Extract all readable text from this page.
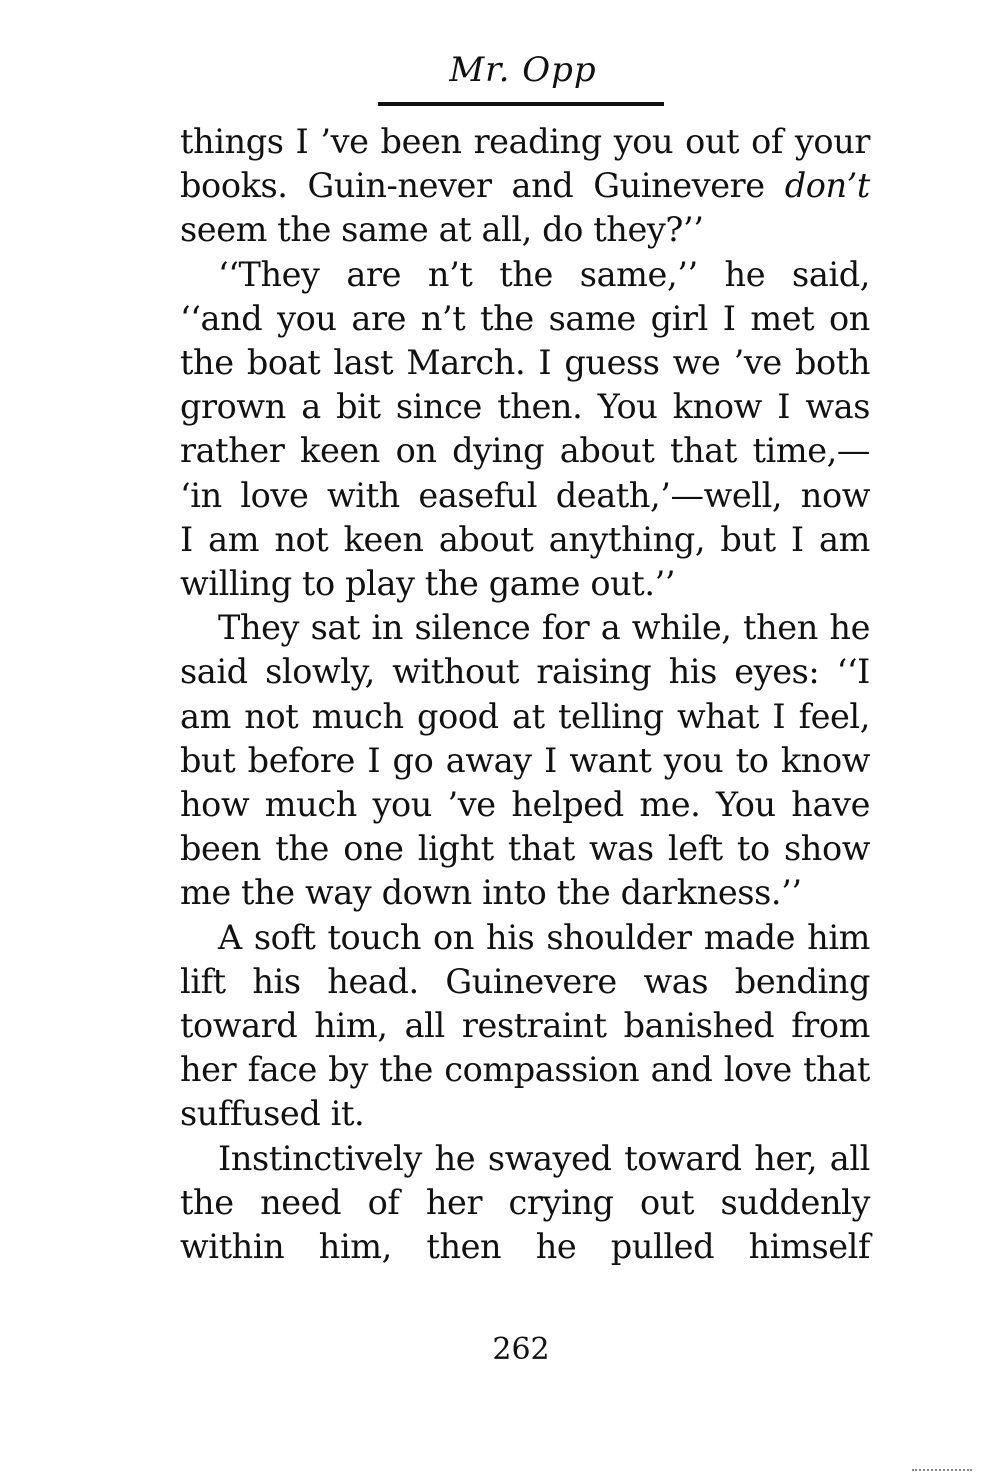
Mr. Opp

things I ’ve been reading you out of your
books. Guin-never and Guinevere don’t
seem the same at all, do they?’’

‘‘They are n’t the same,’’ he said,
‘‘and you are n’t the same girl I met on
the boat last March. I guess we ’ve both
grown a bit since then. You know I was
rather keen on dying about that time,—
‘in love with easeful death,’—well, now
I am not keen about anything, but I am
willing to play the game out.’’

They sat in silence for a while, then he
said slowly, without raising his eyes: ‘‘I
am not much good at telling what I feel,
but before I go away I want you to know
how much you ’ve helped me. You have
been the one light that was left to show
me the way down into the darkness.’’

A soft touch on his shoulder made him
lift his head. Guinevere was bending
toward him, all restraint banished from
her face by the compassion and love that
suffused it.

Instinctively he swayed toward her, all
the need of her crying out suddenly
within him, then he pulled himself

262
